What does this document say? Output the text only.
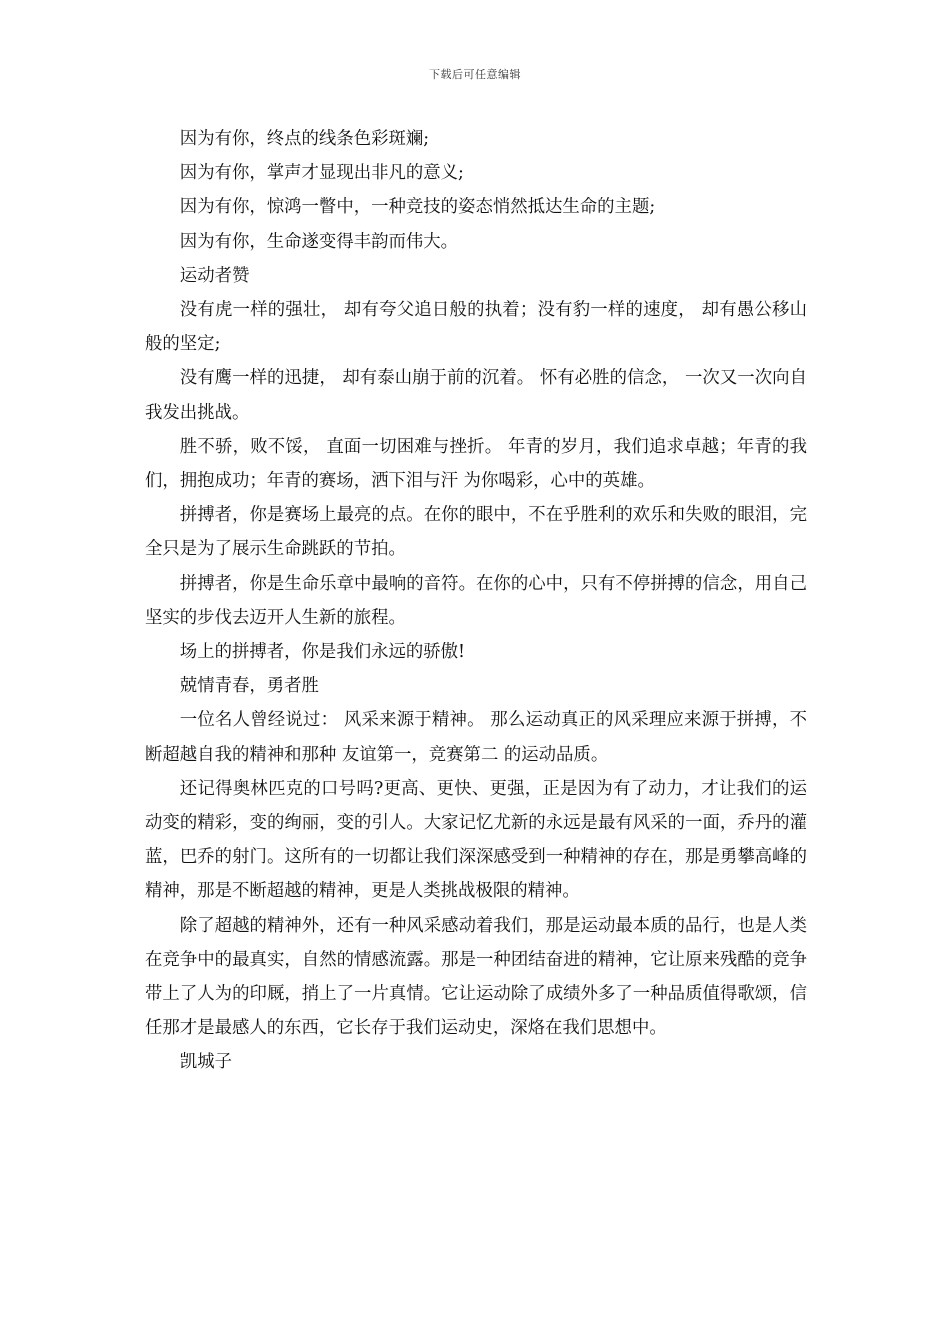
下载后可任意编辑

因为有你，终点的线条色彩斑斓;

因为有你，掌声才显现出非凡的意义;

因为有你，惊鸿一瞥中，一种竞技的姿态悄然抵达生命的主题;

因为有你，生命遂变得丰韵而伟大。

运动者赞

没有虎一样的强壮， 却有夸父追日般的执着；没有豹一样的速度， 却有愚公移山般的坚定;

没有鹰一样的迅捷， 却有泰山崩于前的沉着。 怀有必胜的信念， 一次又一次向自我发出挑战。

胜不骄，败不馁， 直面一切困难与挫折。 年青的岁月，我们追求卓越；年青的我们，拥抱成功；年青的赛场，洒下泪与汗 为你喝彩，心中的英雄。

拼搏者，你是赛场上最亮的点。在你的眼中，不在乎胜利的欢乐和失败的眼泪，完全只是为了展示生命跳跃的节拍。

拼搏者，你是生命乐章中最响的音符。在你的心中，只有不停拼搏的信念，用自己坚实的步伐去迈开人生新的旅程。

场上的拼搏者，你是我们永远的骄傲!

兢情青春，勇者胜

一位名人曾经说过： 风采来源于精神。 那么运动真正的风采理应来源于拼搏，不断超越自我的精神和那种 友谊第一，竞赛第二 的运动品质。

还记得奥林匹克的口号吗?更高、更快、更强，正是因为有了动力，才让我们的运动变的精彩，变的绚丽，变的引人。大家记忆尤新的永远是最有风采的一面，乔丹的灌蓝，巴乔的射门。这所有的一切都让我们深深感受到一种精神的存在，那是勇攀高峰的精神，那是不断超越的精神，更是人类挑战极限的精神。

除了超越的精神外，还有一种风采感动着我们，那是运动最本质的品行，也是人类在竞争中的最真实，自然的情感流露。那是一种团结奋进的精神，它让原来残酷的竞争带上了人为的印厩，捎上了一片真情。它让运动除了成绩外多了一种品质值得歌颂，信任那才是最感人的东西，它长存于我们运动史，深烙在我们思想中。

凯城子
